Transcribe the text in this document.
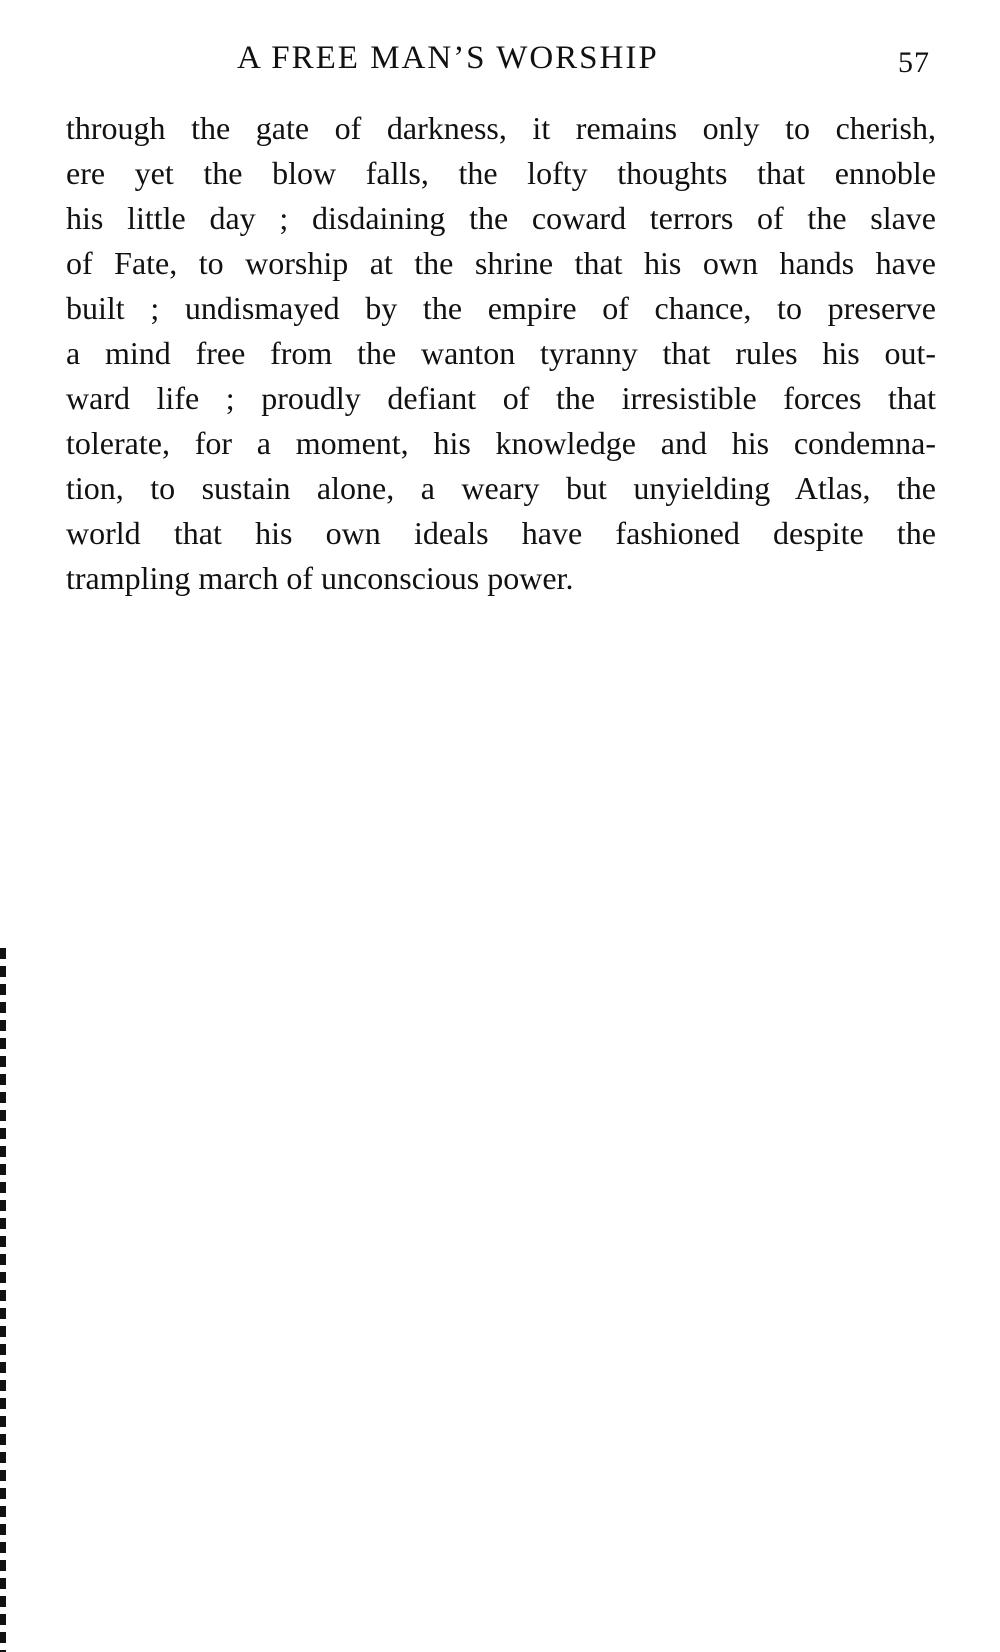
A FREE MAN’S WORSHIP	57
through the gate of darkness, it remains only to cherish,
ere yet the blow falls, the lofty thoughts that ennoble
his little day ; disdaining the coward terrors of the slave
of Fate, to worship at the shrine that his own hands have
built ; undismayed by the empire of chance, to preserve
a mind free from the wanton tyranny that rules his out-
ward life ; proudly defiant of the irresistible forces that
tolerate, for a moment, his knowledge and his condemna-
tion, to sustain alone, a weary but unyielding Atlas, the
world that his own ideals have fashioned despite the
trampling march of unconscious power.
